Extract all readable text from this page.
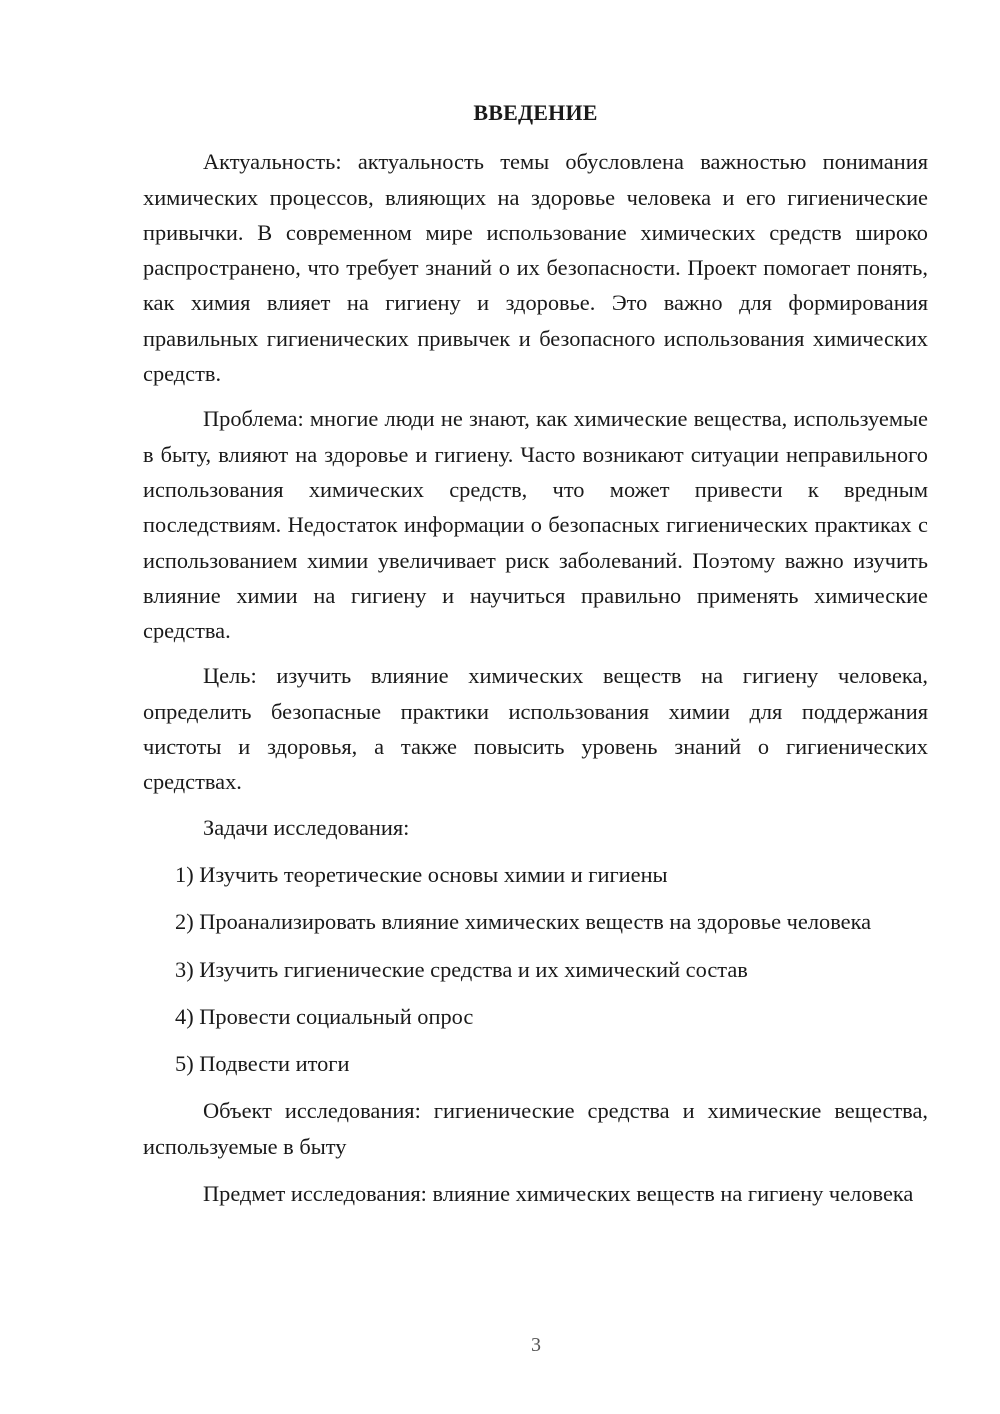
ВВЕДЕНИЕ

Актуальность: актуальность темы обусловлена важностью понимания химических процессов, влияющих на здоровье человека и его гигиенические привычки. В современном мире использование химических средств широко распространено, что требует знаний о их безопасности. Проект помогает понять, как химия влияет на гигиену и здоровье. Это важно для формирования правильных гигиенических привычек и безопасного использования химических средств.

Проблема: многие люди не знают, как химические вещества, используемые в быту, влияют на здоровье и гигиену. Часто возникают ситуации неправильного использования химических средств, что может привести к вредным последствиям. Недостаток информации о безопасных гигиенических практиках с использованием химии увеличивает риск заболеваний. Поэтому важно изучить влияние химии на гигиену и научиться правильно применять химические средства.

Цель: изучить влияние химических веществ на гигиену человека, определить безопасные практики использования химии для поддержания чистоты и здоровья, а также повысить уровень знаний о гигиенических средствах.

Задачи исследования:

1) Изучить теоретические основы химии и гигиены

2) Проанализировать влияние химических веществ на здоровье человека

3) Изучить гигиенические средства и их химический состав

4) Провести социальный опрос

5) Подвести итоги

Объект исследования: гигиенические средства и химические вещества, используемые в быту

Предмет исследования: влияние химических веществ на гигиену человека

3
